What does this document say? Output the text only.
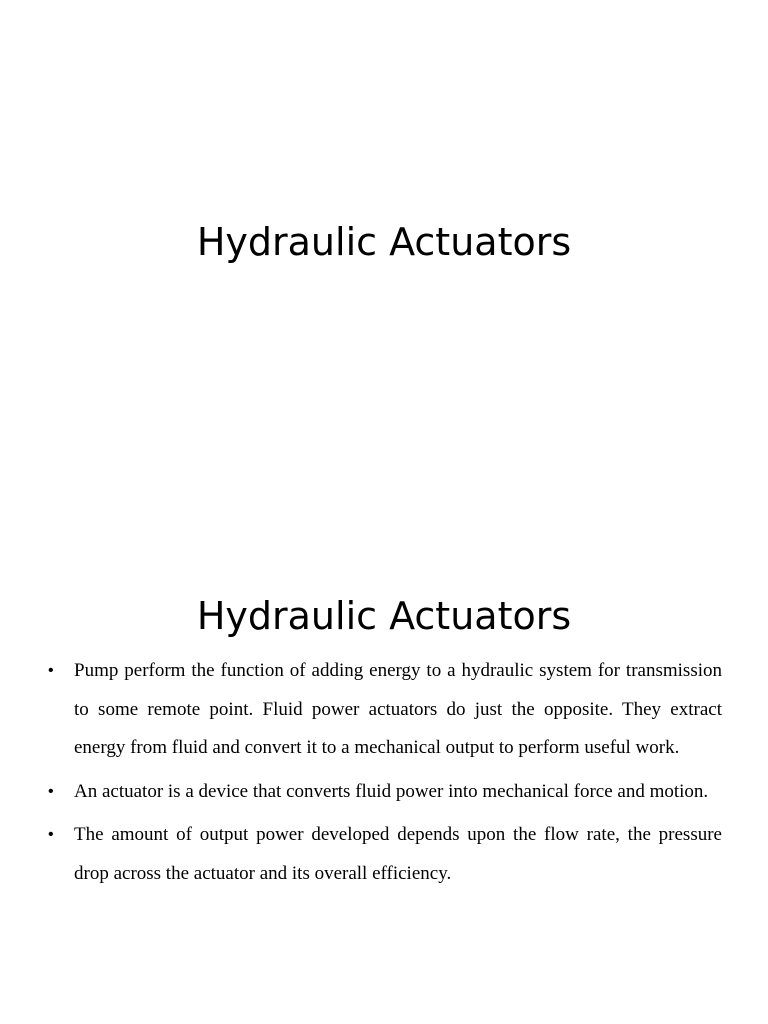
Hydraulic Actuators
Hydraulic Actuators
• Pump perform the function of adding energy to a hydraulic system for transmission to some remote point. Fluid power actuators do just the opposite. They extract energy from fluid and convert it to a mechanical output to perform useful work.
• An actuator is a device that converts fluid power into mechanical force and motion.
• The amount of output power developed depends upon the flow rate, the pressure drop across the actuator and its overall efficiency.
